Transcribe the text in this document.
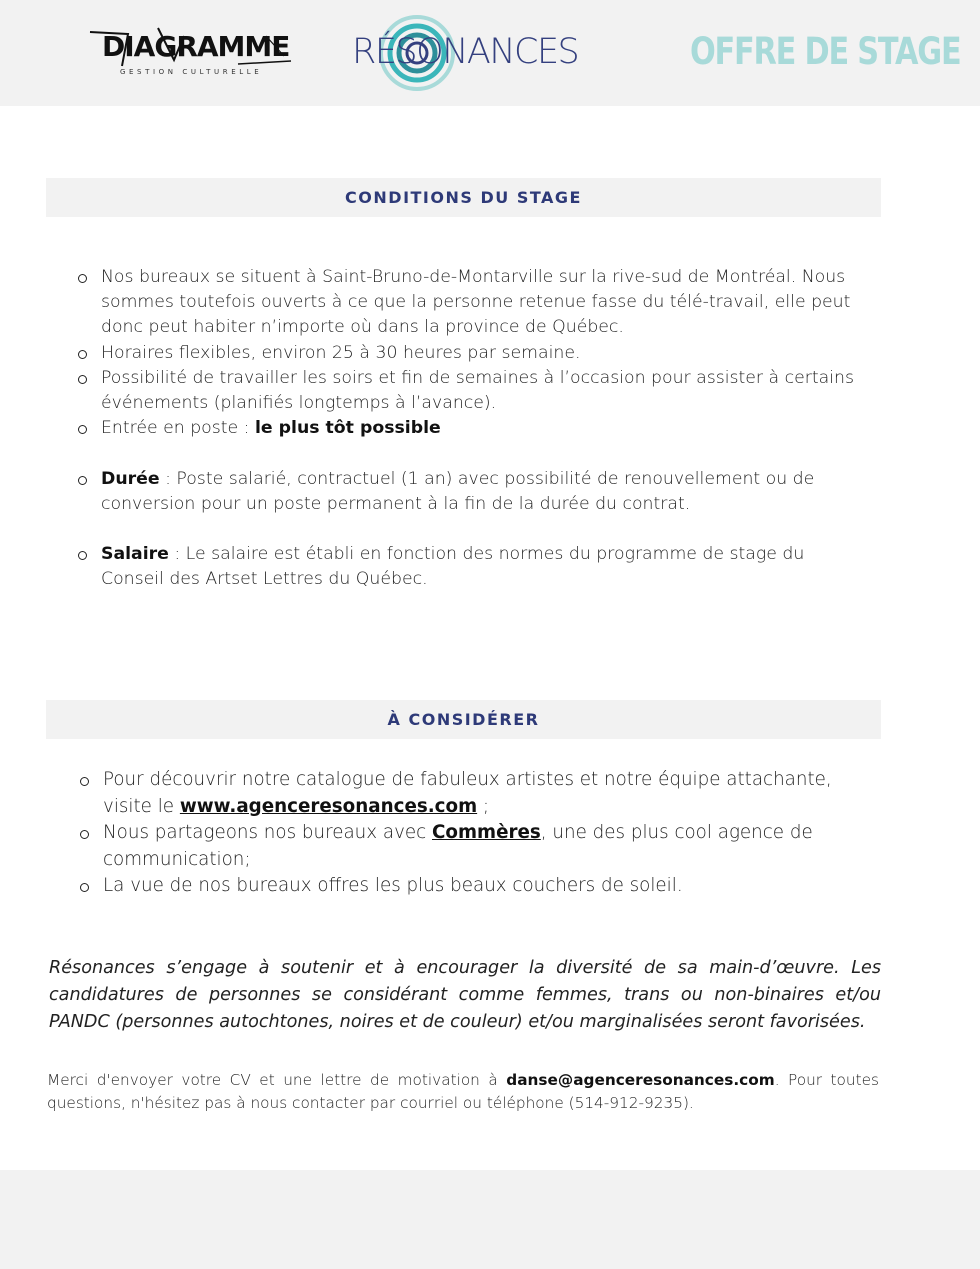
DIAGRAMME
GESTION CULTURELLE	RÉSONANCES	OFFRE DE STAGE
CONDITIONS DU STAGE
Nos bureaux se situent à Saint-Bruno-de-Montarville sur la rive-sud de Montréal. Nous sommes toutefois ouverts à ce que la personne retenue fasse du télé-travail, elle peut donc peut habiter n’importe où dans la province de Québec.
Horaires flexibles, environ 25 à 30 heures par semaine.
Possibilité de travailler les soirs et fin de semaines à l’occasion pour assister à certains événements (planifiés longtemps à l’avance).
Entrée en poste : le plus tôt possible
Durée : Poste salarié, contractuel (1 an) avec possibilité de renouvellement ou de conversion pour un poste permanent à la fin de la durée du contrat.
Salaire : Le salaire est établi en fonction des normes du programme de stage du Conseil des Artset Lettres du Québec.
À CONSIDÉRER
Pour découvrir notre catalogue de fabuleux artistes et notre équipe attachante, visite le www.agenceresonances.com ;
Nous partageons nos bureaux avec Commères, une des plus cool agence de communication;
La vue de nos bureaux offres les plus beaux couchers de soleil.

Résonances s’engage à soutenir et à encourager la diversité de sa main-d’œuvre. Les candidatures de personnes se considérant comme femmes, trans ou non-binaires et/ou PANDC (personnes autochtones, noires et de couleur) et/ou marginalisées seront favorisées.

Merci d'envoyer votre CV et une lettre de motivation à danse@agenceresonances.com. Pour toutes questions, n'hésitez pas à nous contacter par courriel ou téléphone (514-912-9235).
